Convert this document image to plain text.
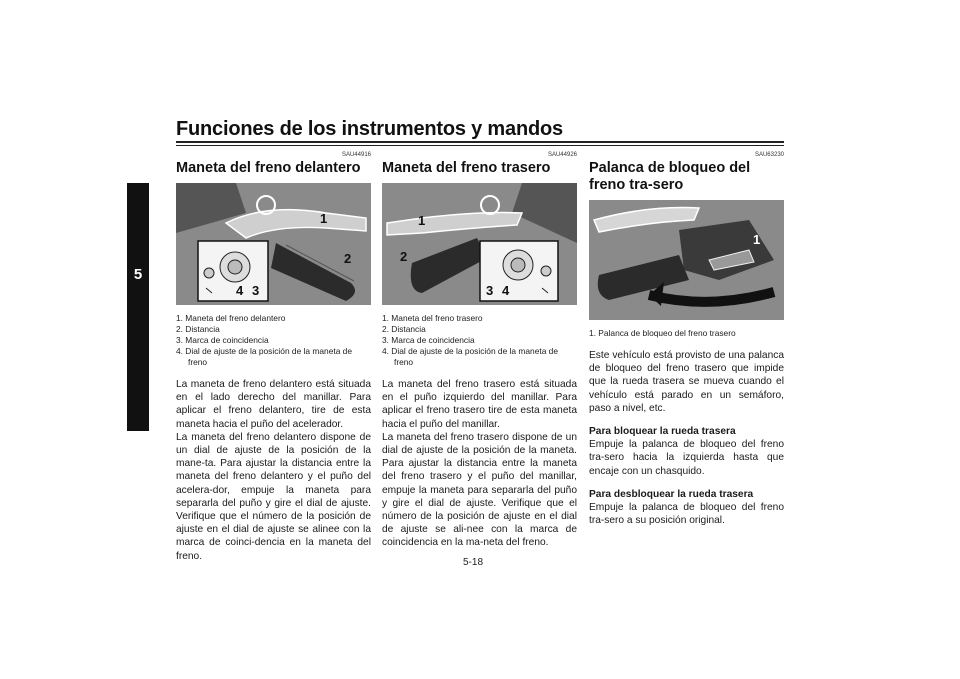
Funciones de los instrumentos y mandos
5
SAU44916
Maneta del freno delantero
1
2
4 3
1. Maneta del freno delantero
2. Distancia
3. Marca de coincidencia
4. Dial de ajuste de la posición de la maneta de freno

La maneta de freno delantero está situada en el lado derecho del manillar. Para aplicar el freno delantero, tire de esta maneta hacia el puño del acelerador.

La maneta del freno delantero dispone de un dial de ajuste de la posición de la mane-ta. Para ajustar la distancia entre la maneta del freno delantero y el puño del acelera-dor, empuje la maneta para separarla del puño y gire el dial de ajuste. Verifique que el número de la posición de ajuste en el dial de ajuste se alinee con la marca de coinci-dencia en la maneta del freno.

SAU44926
Maneta del freno trasero
1
2
3 4
1. Maneta del freno trasero
2. Distancia
3. Marca de coincidencia
4. Dial de ajuste de la posición de la maneta de freno

La maneta del freno trasero está situada en el puño izquierdo del manillar. Para aplicar el freno trasero tire de esta maneta hacia el puño del manillar.

La maneta del freno trasero dispone de un dial de ajuste de la posición de la maneta. Para ajustar la distancia entre la maneta del freno trasero y el puño del manillar, empuje la maneta para separarla del puño y gire el dial de ajuste. Verifique que el número de la posición de ajuste en el dial de ajuste se ali-nee con la marca de coincidencia en la ma-neta del freno.

SAU63230
Palanca de bloqueo del freno tra-sero
1
1. Palanca de bloqueo del freno trasero

Este vehículo está provisto de una palanca de bloqueo del freno trasero que impide que la rueda trasera se mueva cuando el vehículo está parado en un semáforo, paso a nivel, etc.

Para bloquear la rueda trasera

Empuje la palanca de bloqueo del freno tra-sero hacia la izquierda hasta que encaje con un chasquido.

Para desbloquear la rueda trasera

Empuje la palanca de bloqueo del freno tra-sero a su posición original.

5-18
